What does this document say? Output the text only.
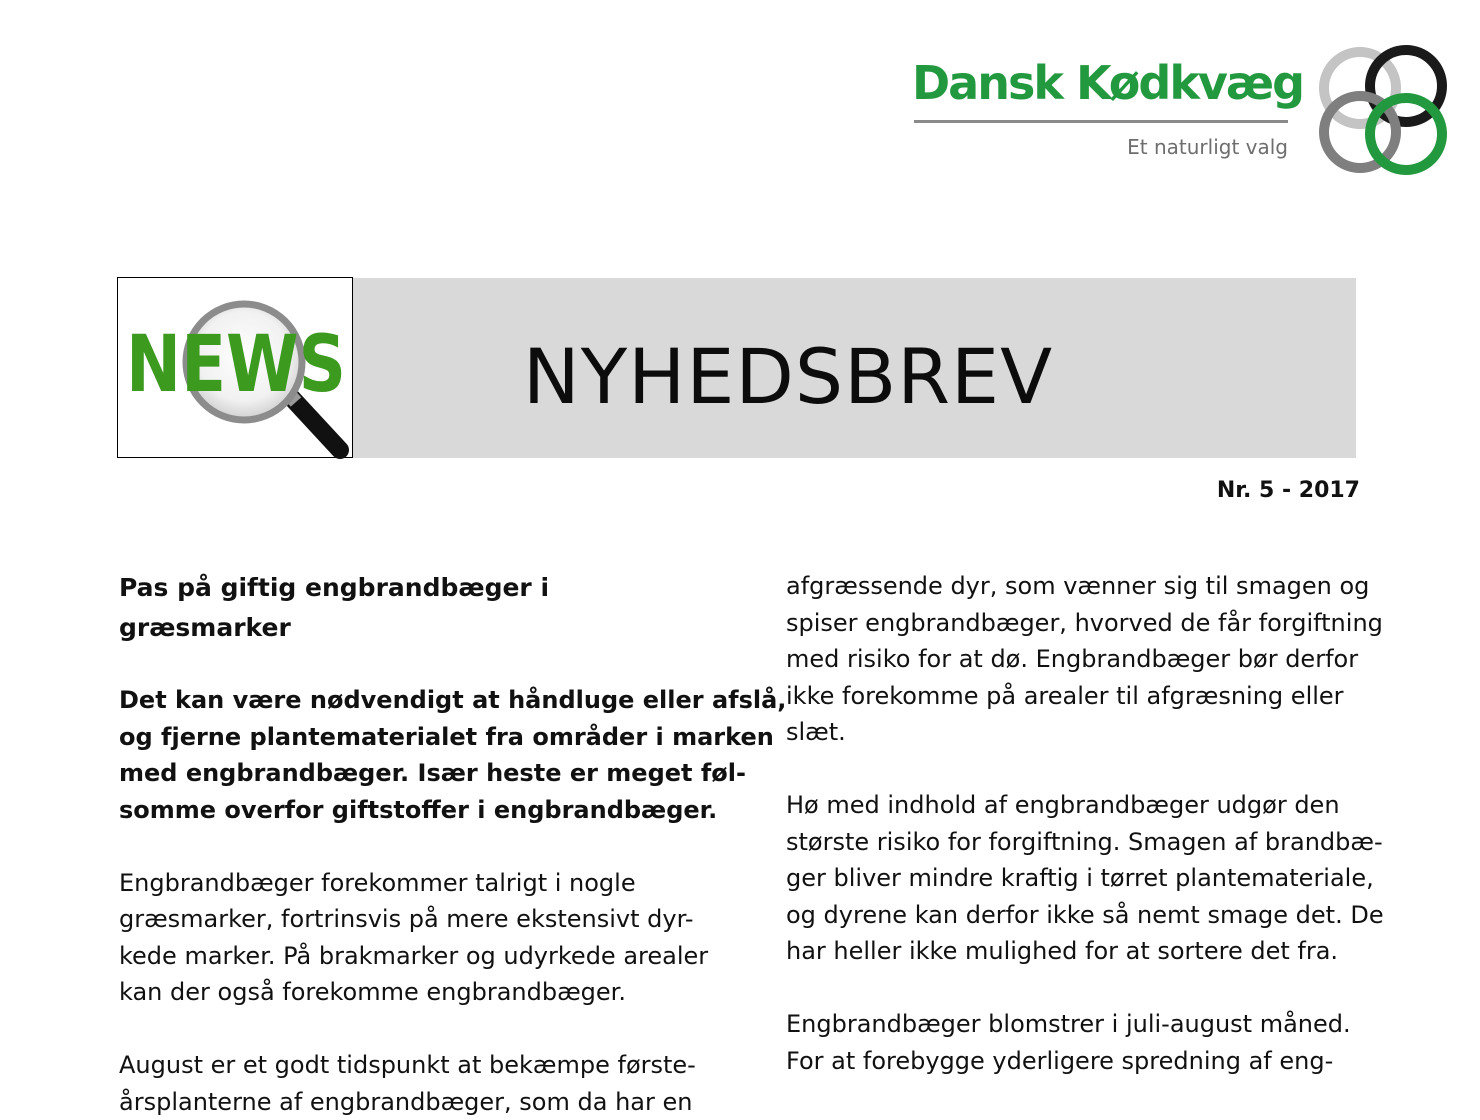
Dansk Kødkvæg
Et naturligt valg
NYHEDSBREV
NEWS
Nr. 5 - 2017

Pas på giftig engbrandbæger i græsmarker

Det kan være nødvendigt at håndluge eller afslå,
og fjerne plantematerialet fra områder i marken
med engbrandbæger. Især heste er meget føl-
somme overfor giftstoffer i engbrandbæger.

Engbrandbæger forekommer talrigt i nogle
græsmarker, fortrinsvis på mere ekstensivt dyr-
kede marker. På brakmarker og udyrkede arealer
kan der også forekomme engbrandbæger.

August er et godt tidspunkt at bekæmpe første-
årsplanterne af engbrandbæger, som da har en

afgræssende dyr, som vænner sig til smagen og
spiser engbrandbæger, hvorved de får forgiftning
med risiko for at dø. Engbrandbæger bør derfor
ikke forekomme på arealer til afgræsning eller
slæt.

Hø med indhold af engbrandbæger udgør den
største risiko for forgiftning. Smagen af brandbæ-
ger bliver mindre kraftig i tørret plantemateriale,
og dyrene kan derfor ikke så nemt smage det. De
har heller ikke mulighed for at sortere det fra.

Engbrandbæger blomstrer i juli-august måned.
For at forebygge yderligere spredning af eng-
